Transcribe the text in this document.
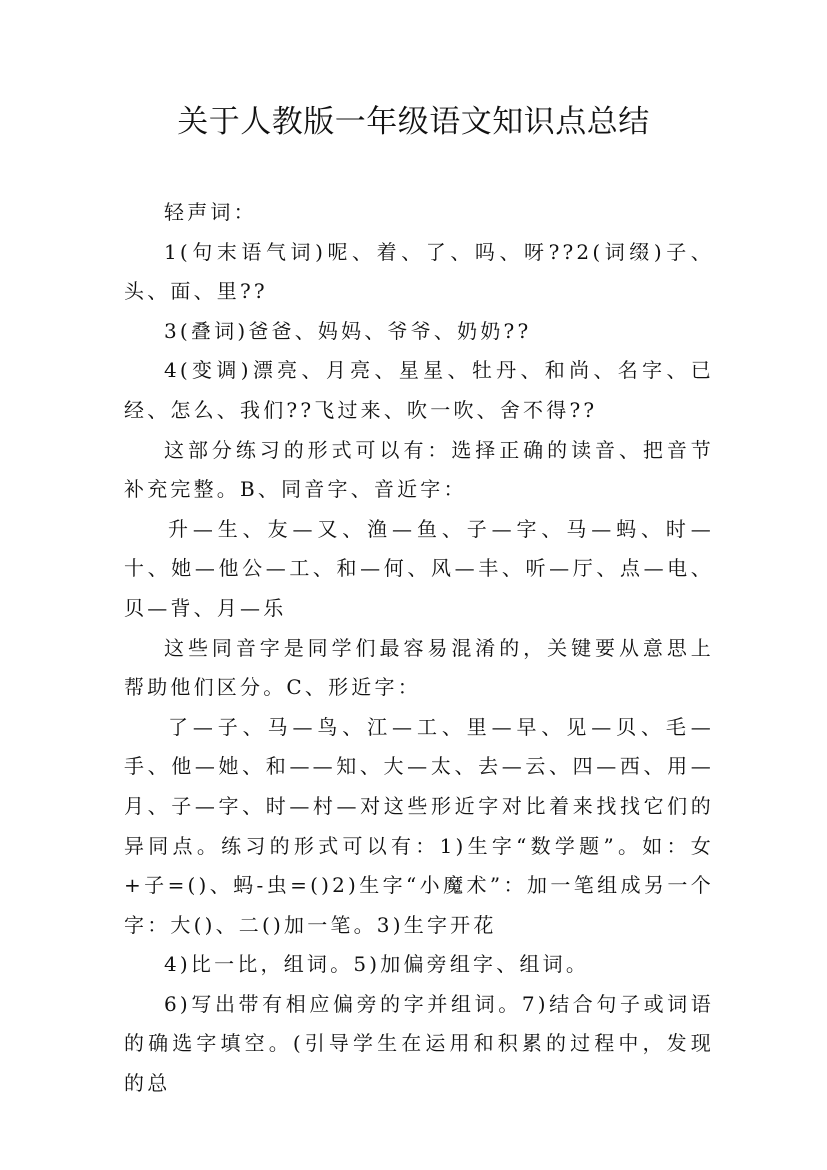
关于人教版一年级语文知识点总结

轻声词：

1(句末语气词)呢、着、了、吗、呀??2(词缀)子、头、面、里??

3(叠词)爸爸、妈妈、爷爷、奶奶??

4(变调)漂亮、月亮、星星、牡丹、和尚、名字、已经、怎么、我们??飞过来、吹一吹、舍不得??

这部分练习的形式可以有：选择正确的读音、把音节补充完整。B、同音字、音近字：

升—生、友—又、渔—鱼、子—字、马—蚂、时—十、她—他公—工、和—何、风—丰、听—厅、点—电、贝—背、月—乐

这些同音字是同学们最容易混淆的，关键要从意思上帮助他们区分。C、形近字：

了—子、马—鸟、江—工、里—早、见—贝、毛—手、他—她、和——知、大—太、去—云、四—西、用—月、子—字、时—村—对这些形近字对比着来找找它们的异同点。练习的形式可以有：1)生字“数学题”。如：女+子=()、蚂-虫=()2)生字“小魔术”：加一笔组成另一个字：大()、二()加一笔。3)生字开花

4)比一比，组词。5)加偏旁组字、组词。

6)写出带有相应偏旁的字并组词。7)结合句子或词语的确选字填空。(引导学生在运用和积累的过程中，发现的总
